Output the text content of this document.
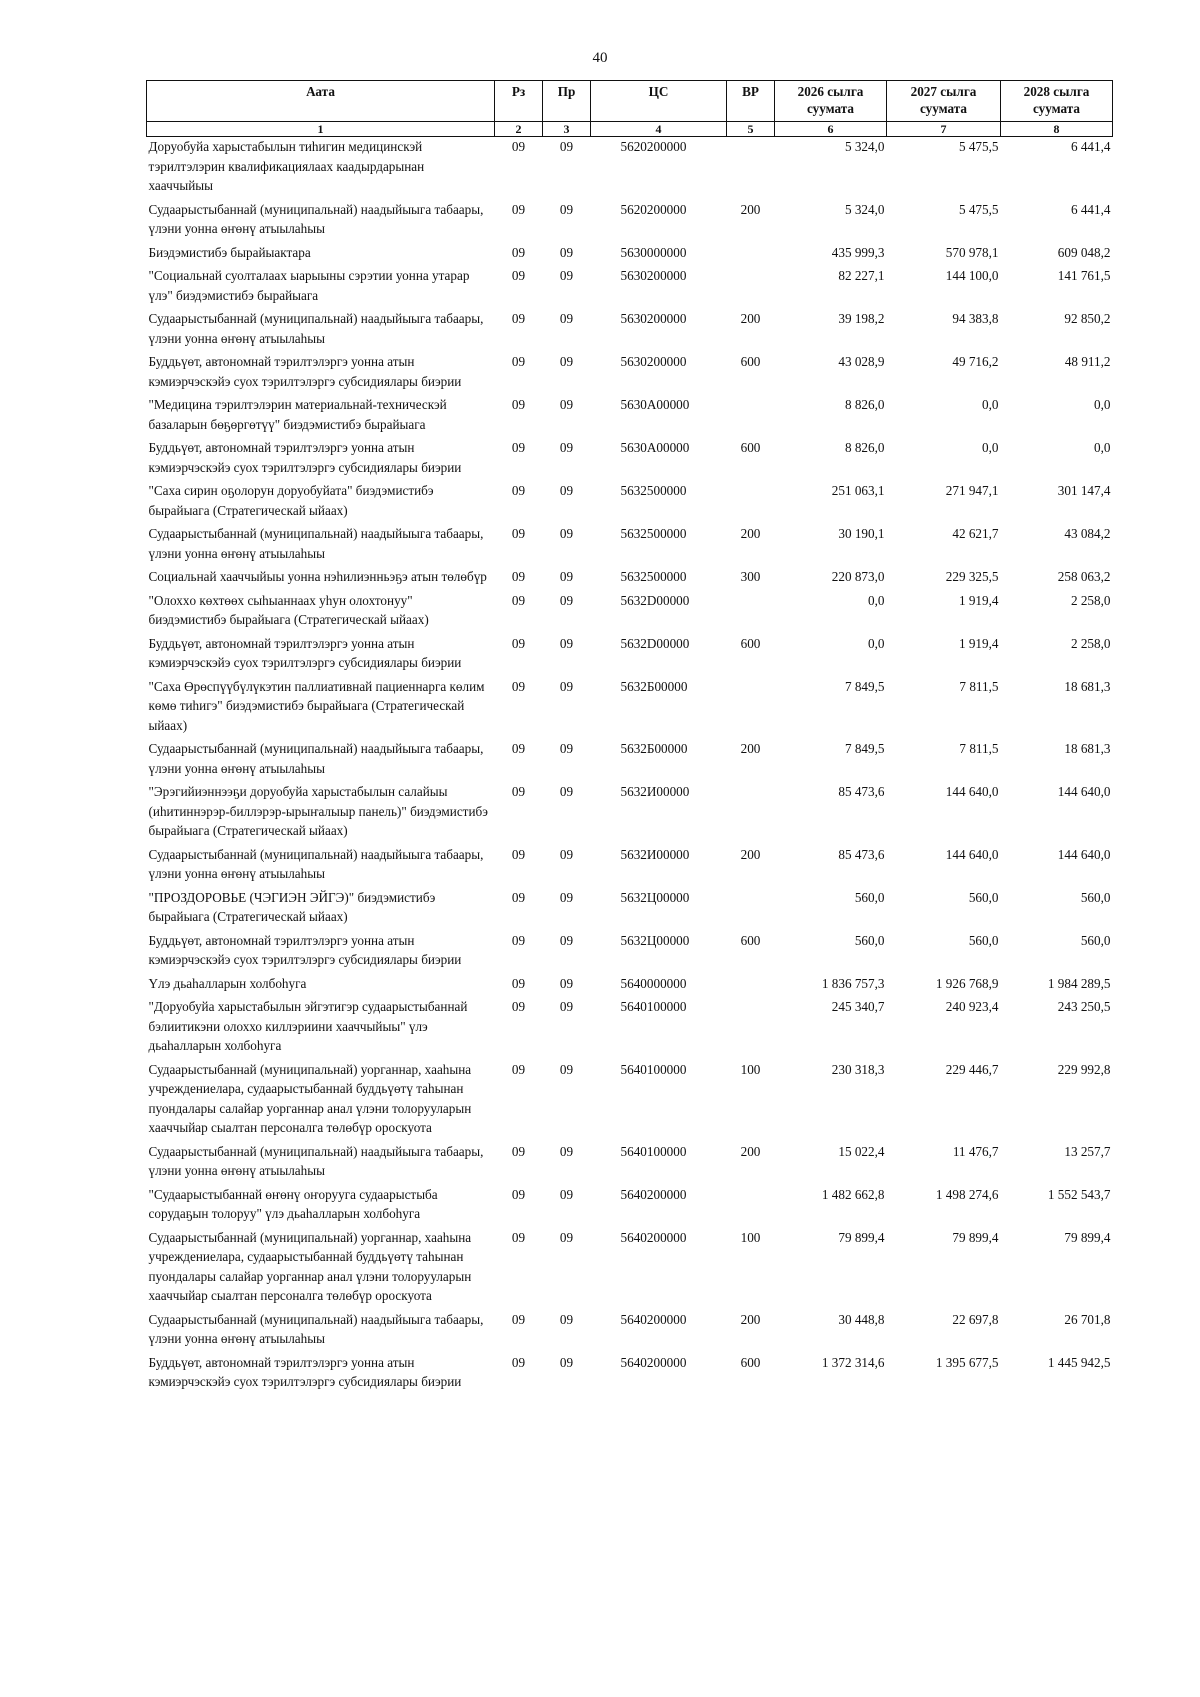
40
Аата	Рз	Пр	ЦС	ВР	2026 сылга суумата	2027 сылга суумата	2028 сылга суумата
1	2	3	4	5	6	7	8
Доруобуйа харыстабылын тиһигин медицинскэй тэрилтэлэрин квалификациялаах каадырдарынан хааччыйыы	09	09	5620200000		5 324,0	5 475,5	6 441,4
Судаарыстыбаннай (муниципальнай) наадыйыыга табаары, үлэни уонна өҥөнү атыылаһыы	09	09	5620200000	200	5 324,0	5 475,5	6 441,4
Биэдэмистибэ бырайыактара	09	09	5630000000		435 999,3	570 978,1	609 048,2
"Социальнай суолталаах ыарыыны сэрэтии уонна утарар үлэ" биэдэмистибэ бырайыага	09	09	5630200000		82 227,1	144 100,0	141 761,5
Судаарыстыбаннай (муниципальнай) наадыйыыга табаары, үлэни уонна өҥөнү атыылаһыы	09	09	5630200000	200	39 198,2	94 383,8	92 850,2
Буддьүөт, автономнай тэрилтэлэргэ уонна атын кэмиэрчэскэйэ суох тэрилтэлэргэ субсидиялары биэрии	09	09	5630200000	600	43 028,9	49 716,2	48 911,2
"Медицина тэрилтэлэрин материальнай-техническэй базаларын бөҕөргөтүү" биэдэмистибэ бырайыага	09	09	5630А00000		8 826,0	0,0	0,0
Буддьүөт, автономнай тэрилтэлэргэ уонна атын кэмиэрчэскэйэ суох тэрилтэлэргэ субсидиялары биэрии	09	09	5630А00000	600	8 826,0	0,0	0,0
"Саха сирин оҕолорун доруобуйата" биэдэмистибэ бырайыага (Стратегическай ыйаах)	09	09	5632500000		251 063,1	271 947,1	301 147,4
Судаарыстыбаннай (муниципальнай) наадыйыыга табаары, үлэни уонна өҥөнү атыылаһыы	09	09	5632500000	200	30 190,1	42 621,7	43 084,2
Социальнай хааччыйыы уонна нэһилиэнньэҕэ атын төлөбүр	09	09	5632500000	300	220 873,0	229 325,5	258 063,2
"Олохxо көхтөөх сыһыаннаах уһун олохтонуу" биэдэмистибэ бырайыага (Стратегическай ыйаах)	09	09	5632D00000		0,0	1 919,4	2 258,0
Буддьүөт, автономнай тэрилтэлэргэ уонна атын кэмиэрчэскэйэ суох тэрилтэлэргэ субсидиялары биэрии	09	09	5632D00000	600	0,0	1 919,4	2 258,0
"Саха Өрөспүүбүлүкэтин паллиативнай пациеннарга көлим көмө тиһигэ" биэдэмистибэ бырайыага (Стратегическай ыйаах)	09	09	5632Б00000		7 849,5	7 811,5	18 681,3
Судаарыстыбаннай (муниципальнай) наадыйыыга табаары, үлэни уонна өҥөнү атыылаһыы	09	09	5632Б00000	200	7 849,5	7 811,5	18 681,3
"Эрэгийиэннээҕи доруобуйа харыстабылын салайыы (иһитиннэрэр-биллэрэр-ырыҥалыыр панель)" биэдэмистибэ бырайыага (Стратегическай ыйаах)	09	09	5632И00000		85 473,6	144 640,0	144 640,0
Судаарыстыбаннай (муниципальнай) наадыйыыга табаары, үлэни уонна өҥөнү атыылаһыы	09	09	5632И00000	200	85 473,6	144 640,0	144 640,0
"ПРОЗДОРОВЬЕ (ЧЭГИЭН ЭЙГЭ)" биэдэмистибэ бырайыага (Стратегическай ыйаах)	09	09	5632Ц00000		560,0	560,0	560,0
Буддьүөт, автономнай тэрилтэлэргэ уонна атын кэмиэрчэскэйэ суох тэрилтэлэргэ субсидиялары биэрии	09	09	5632Ц00000	600	560,0	560,0	560,0
Үлэ дьаһалларын холбоһуга	09	09	5640000000		1 836 757,3	1 926 768,9	1 984 289,5
"Доруобуйа харыстабылын эйгэтигэр судаарыстыбаннай бэлиитикэни олоххо киллэриини хааччыйыы" үлэ дьаһалларын холбоһуга	09	09	5640100000		245 340,7	240 923,4	243 250,5
Судаарыстыбаннай (муниципальнай) уорганнар, хааһына учреждениелара, судаарыстыбаннай буддьүөтү таһынан пуондалары салайар уорганнар анал үлэни толорууларын хааччыйар сыалтан персоналга төлөбүр ороскуота	09	09	5640100000	100	230 318,3	229 446,7	229 992,8
Судаарыстыбаннай (муниципальнай) наадыйыыга табаары, үлэни уонна өҥөнү атыылаһыы	09	09	5640100000	200	15 022,4	11 476,7	13 257,7
"Судаарыстыбаннай өҥөнү оҥорууга судаарыстыба сорудаҕын толоруу" үлэ дьаһалларын холбоһуга	09	09	5640200000		1 482 662,8	1 498 274,6	1 552 543,7
Судаарыстыбаннай (муниципальнай) уорганнар, хааһына учреждениелара, судаарыстыбаннай буддьүөтү таһынан пуондалары салайар уорганнар анал үлэни толорууларын хааччыйар сыалтан персоналга төлөбүр ороскуота	09	09	5640200000	100	79 899,4	79 899,4	79 899,4
Судаарыстыбаннай (муниципальнай) наадыйыыга табаары, үлэни уонна өҥөнү атыылаһыы	09	09	5640200000	200	30 448,8	22 697,8	26 701,8
Буддьүөт, автономнай тэрилтэлэргэ уонна атын кэмиэрчэскэйэ суох тэрилтэлэргэ субсидиялары биэрии	09	09	5640200000	600	1 372 314,6	1 395 677,5	1 445 942,5
